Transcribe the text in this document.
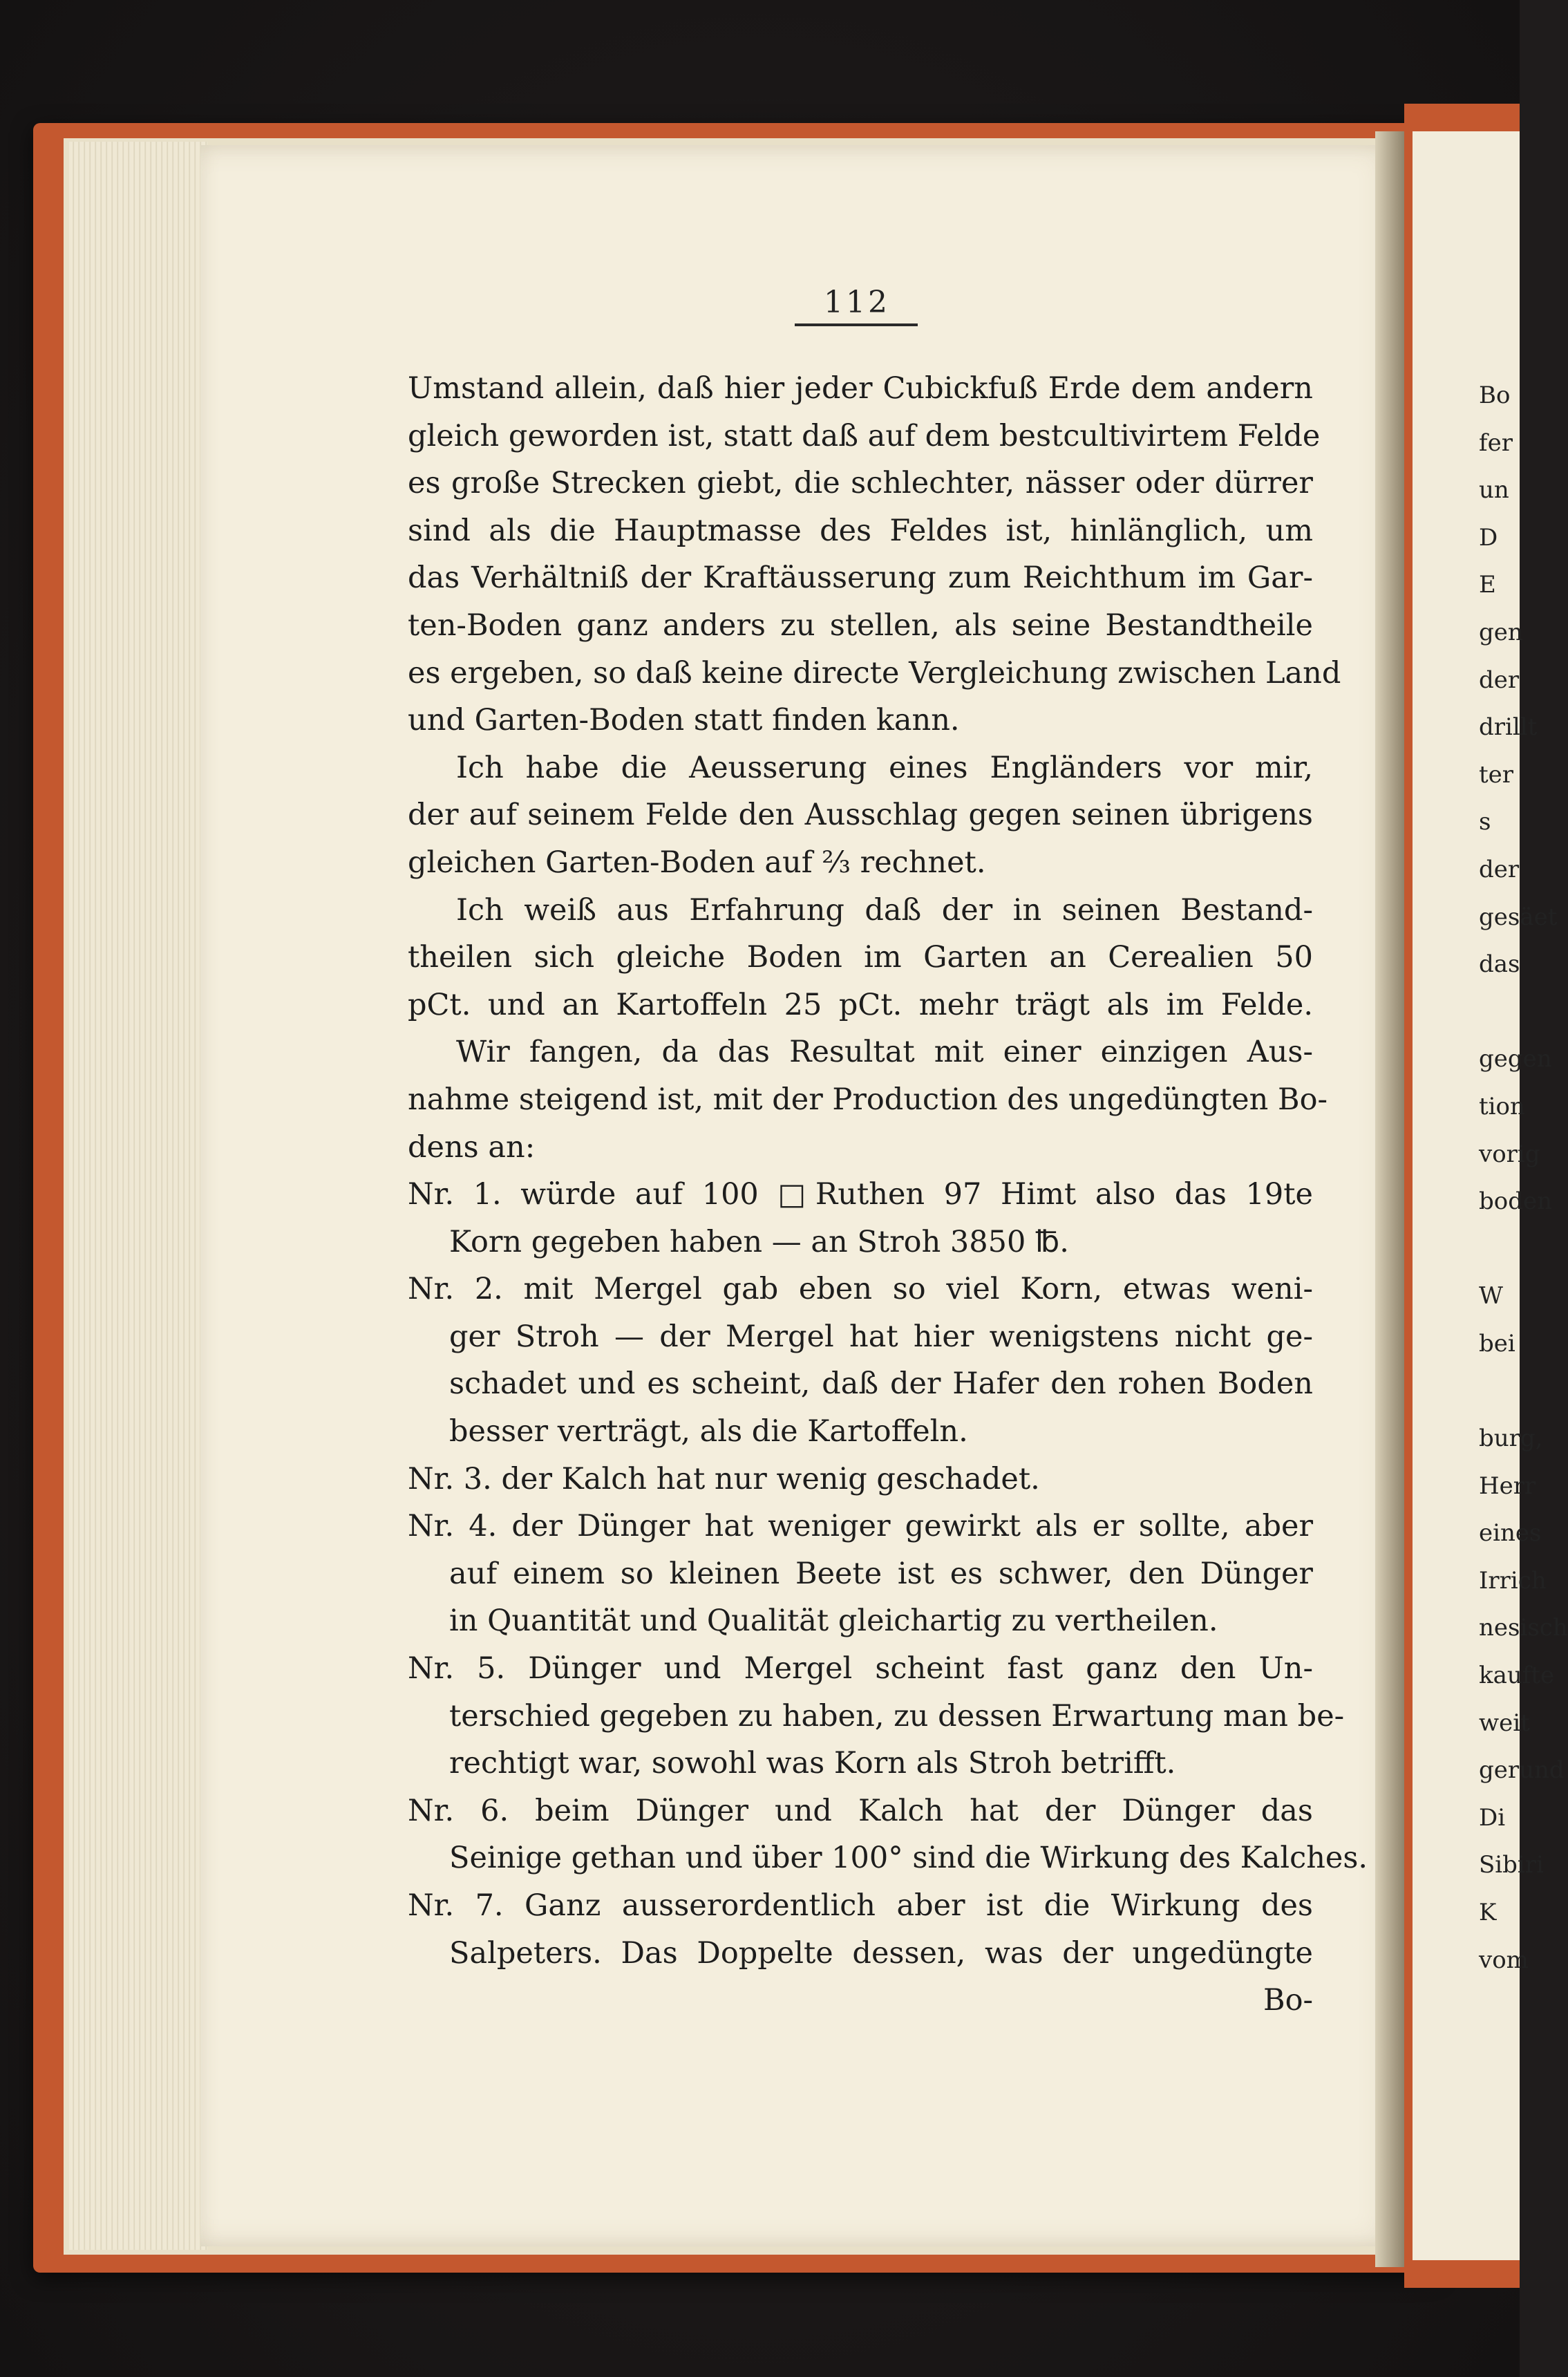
112
Umstand allein, daß hier jeder Cubickfuß Erde dem andern
gleich geworden ist, statt daß auf dem bestcultivirtem Felde
es große Strecken giebt, die schlechter, nässer oder dürrer
sind als die Hauptmasse des Feldes ist, hinlänglich, um
das Verhältniß der Kraftäusserung zum Reichthum im Gar-
ten-Boden ganz anders zu stellen, als seine Bestandtheile
es ergeben, so daß keine directe Vergleichung zwischen Land
und Garten-Boden statt finden kann.
Ich habe die Aeusserung eines Engländers vor mir,
der auf seinem Felde den Ausschlag gegen seinen übrigens
gleichen Garten-Boden auf ⅔ rechnet.
Ich weiß aus Erfahrung daß der in seinen Bestand-
theilen sich gleiche Boden im Garten an Cerealien 50
pCt. und an Kartoffeln 25 pCt. mehr trägt als im Felde.
Wir fangen, da das Resultat mit einer einzigen Aus-
nahme steigend ist, mit der Production des ungedüngten Bo-
dens an:
Nr. 1. würde auf 100 □Ruthen 97 Himt also das 19te
Korn gegeben haben — an Stroh 3850 ℔.
Nr. 2. mit Mergel gab eben so viel Korn, etwas weni-
ger Stroh — der Mergel hat hier wenigstens nicht ge-
schadet und es scheint, daß der Hafer den rohen Boden
besser verträgt, als die Kartoffeln.
Nr. 3. der Kalch hat nur wenig geschadet.
Nr. 4. der Dünger hat weniger gewirkt als er sollte, aber
auf einem so kleinen Beete ist es schwer, den Dünger
in Quantität und Qualität gleichartig zu vertheilen.
Nr. 5. Dünger und Mergel scheint fast ganz den Un-
terschied gegeben zu haben, zu dessen Erwartung man be-
rechtigt war, sowohl was Korn als Stroh betrifft.
Nr. 6. beim Dünger und Kalch hat der Dünger das
Seinige gethan und über 100° sind die Wirkung des Kalches.
Nr. 7. Ganz ausserordentlich aber ist die Wirkung des
Salpeters. Das Doppelte dessen, was der ungedüngte
Bo-
Bo
fer
un
D
E
gen
der
drillt
ter
s
der
gesäet
das
gegen
tion
vorig
boden
W
bei
burg,
Herr
eines
Irrich
nesisch
kaufte
weit
gerund
Di
Sibiri
K
vom
